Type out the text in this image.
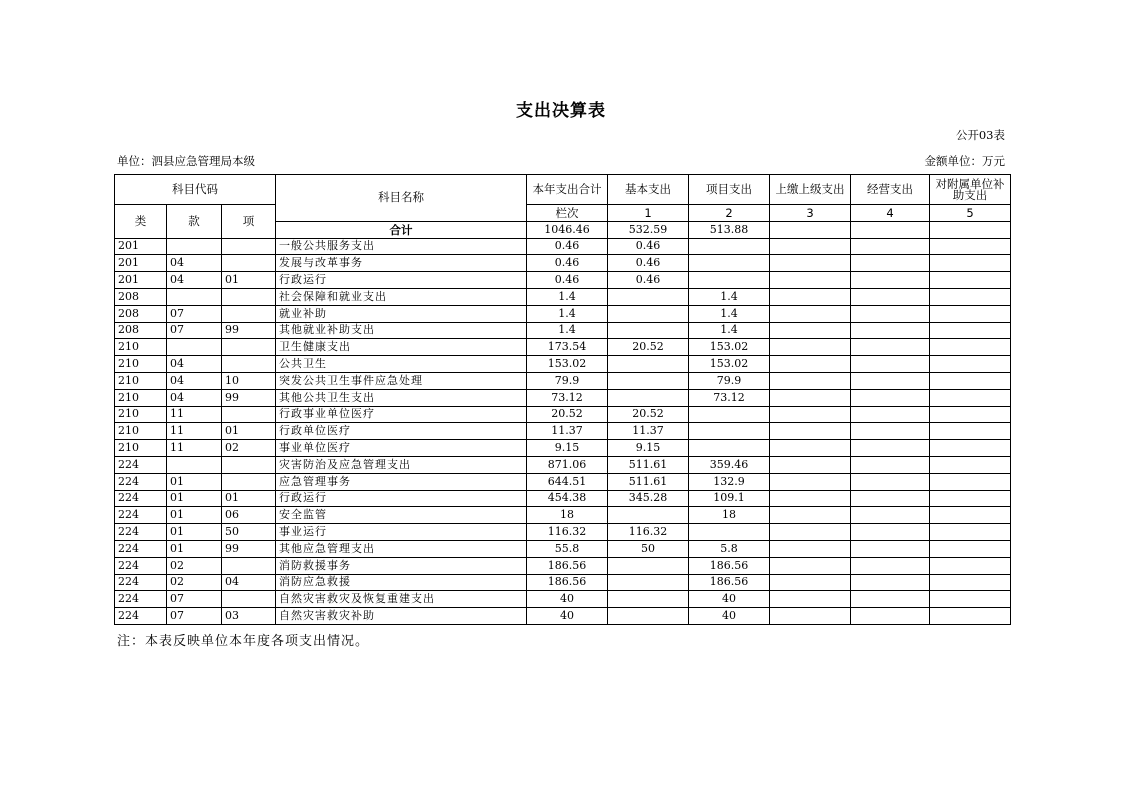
支出决算表
公开03表
单位：泗县应急管理局本级	金额单位：万元
科目代码			科目名称	本年支出合计	基本支出	项目支出	上缴上级支出	经营支出	对附属单位补助支出	
类	款	项		栏次	1	2	3	4	5	
			合计	1046.46	532.59	513.88				
201			一般公共服务支出	0.46	0.46					
201	04		发展与改革事务	0.46	0.46					
201	04	01	行政运行	0.46	0.46					
208			社会保障和就业支出	1.4		1.4				
208	07		就业补助	1.4		1.4				
208	07	99	其他就业补助支出	1.4		1.4				
210			卫生健康支出	173.54	20.52	153.02				
210	04		公共卫生	153.02		153.02				
210	04	10	突发公共卫生事件应急处理	79.9		79.9				
210	04	99	其他公共卫生支出	73.12		73.12				
210	11		行政事业单位医疗	20.52	20.52					
210	11	01	行政单位医疗	11.37	11.37					
210	11	02	事业单位医疗	9.15	9.15					
224			灾害防治及应急管理支出	871.06	511.61	359.46				
224	01		应急管理事务	644.51	511.61	132.9				
224	01	01	行政运行	454.38	345.28	109.1				
224	01	06	安全监管	18		18				
224	01	50	事业运行	116.32	116.32					
224	01	99	其他应急管理支出	55.8	50	5.8				
224	02		消防救援事务	186.56		186.56				
224	02	04	消防应急救援	186.56		186.56				
224	07		自然灾害救灾及恢复重建支出	40		40				
224	07	03	自然灾害救灾补助	40		40				
注：本表反映单位本年度各项支出情况。
